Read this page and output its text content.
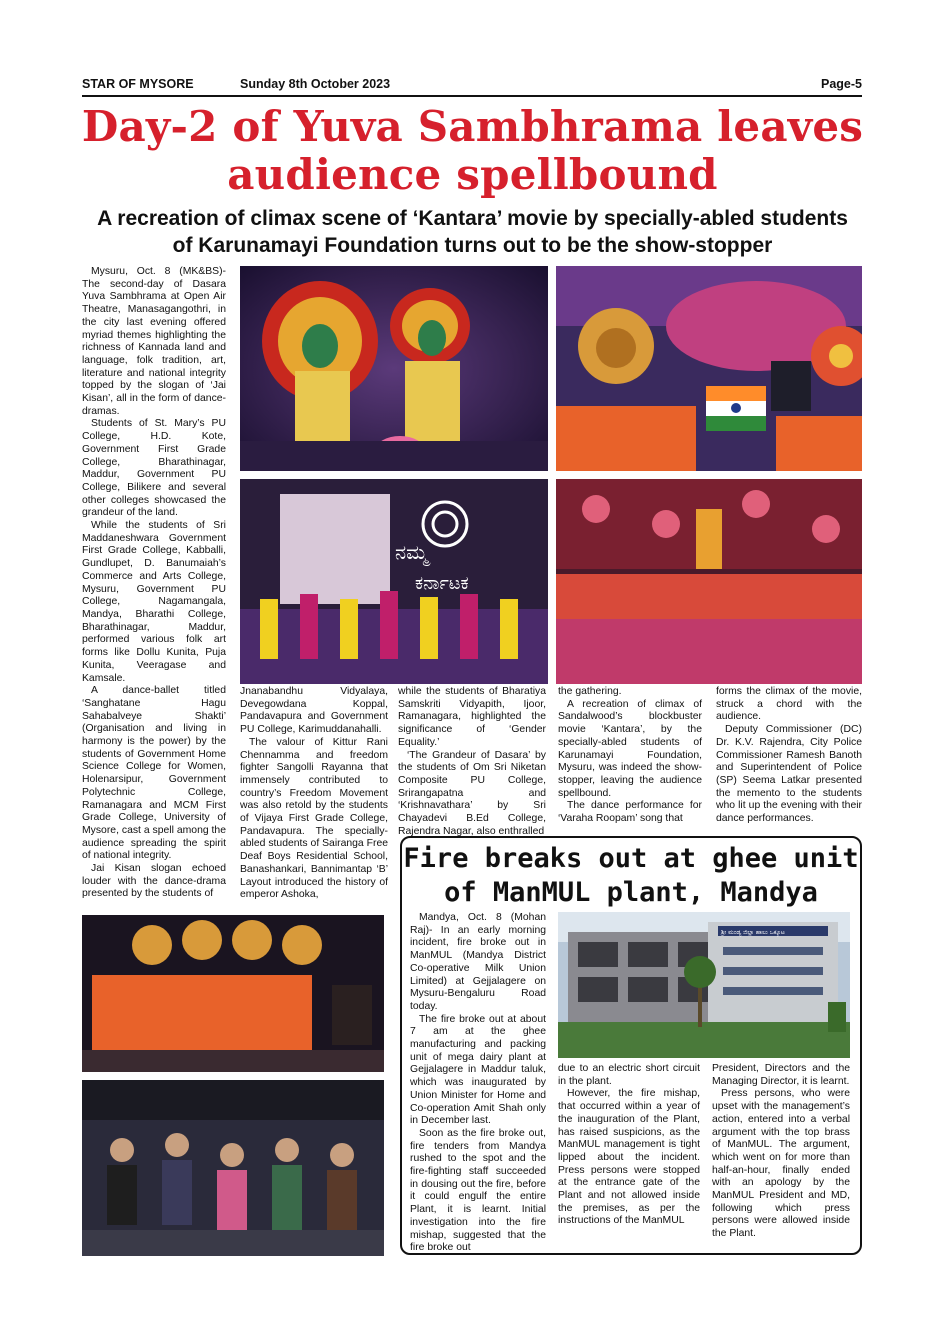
STAR OF MYSORE	Sunday 8th October 2023	Page-5
Day-2 of Yuva Sambhrama leaves
audience spellbound
A recreation of climax scene of ‘Kantara’ movie by specially-abled students
of Karunamayi Foundation turns out to be the show-stopper

Mysuru, Oct. 8 (MK&BS)- The second-day of Dasara Yuva Sambhrama at Open Air Theatre, Manasagangothri, in the city last evening offered myriad themes highlighting the richness of Kannada land and language, folk tradition, art, literature and national integrity topped by the slogan of ‘Jai Kisan’, all in the form of dance-dramas.

Students of St. Mary’s PU College, H.D. Kote, Government First Grade College, Bharathinagar, Maddur, Government PU College, Bilikere and several other colleges showcased the grandeur of the land.

While the students of Sri Maddaneshwara Government First Grade College, Kabballi, Gundlupet, D. Banumaiah’s Commerce and Arts College, Mysuru, Government PU College, Nagamangala, Mandya, Bharathi College, Bharathinagar, Maddur, performed various folk art forms like Dollu Kunita, Puja Kunita, Veeragase and Kamsale.

A dance-ballet titled ‘Sanghatane Hagu Sahabalveye Shakti’ (Organisation and living in harmony is the power) by the students of Government Home Science College for Women, Holenarsipur, Government Polytechnic College, Ramanagara and MCM First Grade College, University of Mysore, cast a spell among the audience spreading the spirit of national integrity.

Jai Kisan slogan echoed louder with the dance-drama presented by the students of

ನಮ್ಮ
ಕರ್ನಾಟಕ

Jnanabandhu Vidyalaya, Devegowdana Koppal, Pandavapura and Government PU College, Karimuddanahalli.

The valour of Kittur Rani Chennamma and freedom fighter Sangolli Rayanna that immensely contributed to country’s Freedom Movement was also retold by the students of Vijaya First Grade College, Pandavapura. The specially-abled students of Sairanga Free Deaf Boys Residential School, Banashankari, Bannimantap ‘B’ Layout introduced the history of emperor Ashoka,

while the students of Bharatiya Samskriti Vidyapith, Ijoor, Ramanagara, highlighted the significance of ‘Gender Equality.’

‘The Grandeur of Dasara’ by the students of Om Sri Niketan Composite PU College, Srirangapatna and ‘Krishnavathara’ by Sri Chayadevi B.Ed College, Rajendra Nagar, also enthralled

the gathering.

A recreation of climax of Sandalwood’s blockbuster movie ‘Kantara’, by the specially-abled students of Karunamayi Foundation, Mysuru, was indeed the show-stopper, leaving the audience spellbound.

The dance performance for ‘Varaha Roopam’ song that

forms the climax of the movie, struck a chord with the audience.

Deputy Commissioner (DC) Dr. K.V. Rajendra, City Police Commissioner Ramesh Banoth and Superintendent of Police (SP) Seema Latkar presented the memento to the students who lit up the evening with their dance performances.

Fire breaks out at ghee unit
of ManMUL plant, Mandya

Mandya, Oct. 8 (Mohan Raj)- In an early morning incident, fire broke out in ManMUL (Mandya District Co-operative Milk Union Limited) at Gejjalagere on Mysuru-Bengaluru Road today.

The fire broke out at about 7 am at the ghee manufacturing and packing unit of mega dairy plant at Gejjalagere in Maddur taluk, which was inaugurated by Union Minister for Home and Co-operation Amit Shah only in December last.

Soon as the fire broke out, fire tenders from Mandya rushed to the spot and the fire-fighting staff succeeded in dousing out the fire, before it could engulf the entire Plant, it is learnt. Initial investigation into the fire mishap, suggested that the fire broke out

ಶ್ರೀ ಮಂಡ್ಯ ಜಿಲ್ಲಾ ಹಾಲು ಒಕ್ಕೂಟ

due to an electric short circuit in the plant.

However, the fire mishap, that occurred within a year of the inauguration of the Plant, has raised suspicions, as the ManMUL management is tight lipped about the incident. Press persons were stopped at the entrance gate of the Plant and not allowed inside the premises, as per the instructions of the ManMUL

President, Directors and the Managing Director, it is learnt.

Press persons, who were upset with the management’s action, entered into a verbal argument with the top brass of ManMUL. The argument, which went on for more than half-an-hour, finally ended with an apology by the ManMUL President and MD, following which press persons were allowed inside the Plant.
